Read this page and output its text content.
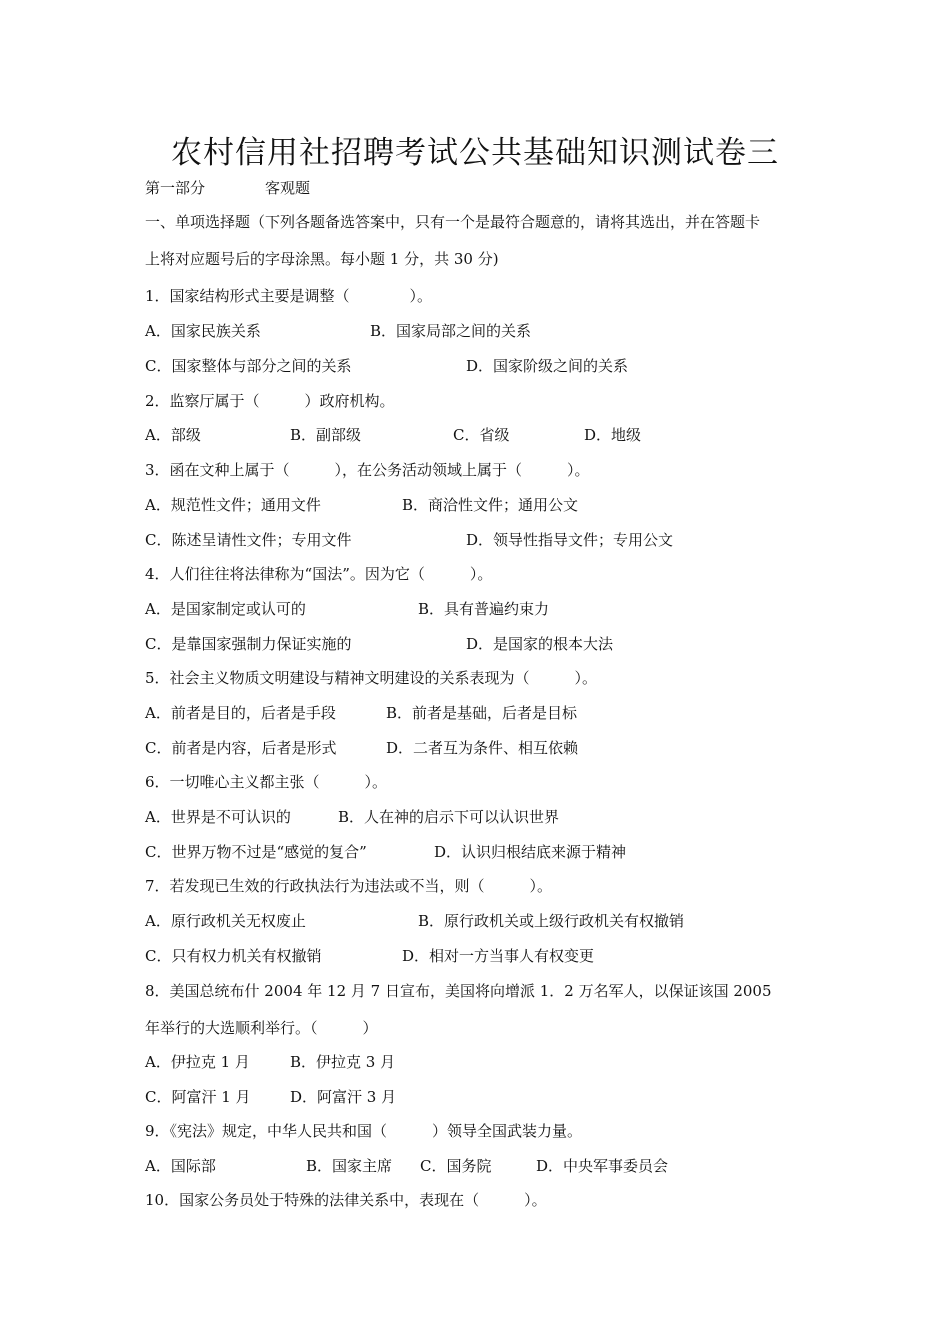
农村信用社招聘考试公共基础知识测试卷三
第一部分	客观题
一、单项选择题（下列各题备选答案中，只有一个是最符合题意的，请将其选出，并在答题卡
上将对应题号后的字母涂黑。每小题 1 分，共 30 分)
1．国家结构形式主要是调整（　　　　）。
A．国家民族关系	B．国家局部之间的关系
C．国家整体与部分之间的关系	D．国家阶级之间的关系
2．监察厅属于（　　　）政府机构。
A．部级	B．副部级	C．省级	D．地级
3．函在文种上属于（　　　），在公务活动领域上属于（　　　）。
A．规范性文件；通用文件	B．商洽性文件；通用公文
C．陈述呈请性文件；专用文件	D．领导性指导文件；专用公文
4．人们往往将法律称为“国法”。因为它（　　　）。
A．是国家制定或认可的	B．具有普遍约束力
C．是靠国家强制力保证实施的	D．是国家的根本大法
5．社会主义物质文明建设与精神文明建设的关系表现为（　　　）。
A．前者是目的，后者是手段	B．前者是基础，后者是目标
C．前者是内容，后者是形式	D．二者互为条件、相互依赖
6．一切唯心主义都主张（　　　）。
A．世界是不可认识的	B．人在神的启示下可以认识世界
C．世界万物不过是“感觉的复合”	D．认识归根结底来源于精神
7．若发现已生效的行政执法行为违法或不当，则（　　　）。
A．原行政机关无权废止	B．原行政机关或上级行政机关有权撤销
C．只有权力机关有权撤销	D．相对一方当事人有权变更
8．美国总统布什 2004 年 12 月 7 日宣布，美国将向增派 1．2 万名军人，以保证该国 2005
年举行的大选顺利举行。（　　　）
A．伊拉克 1 月	B．伊拉克 3 月
C．阿富汗 1 月	D．阿富汗 3 月
9．《宪法》规定，中华人民共和国（　　　）领导全国武装力量。
A．国际部	B．国家主席 C．国务院	D．中央军事委员会
10．国家公务员处于特殊的法律关系中，表现在（　　　）。
